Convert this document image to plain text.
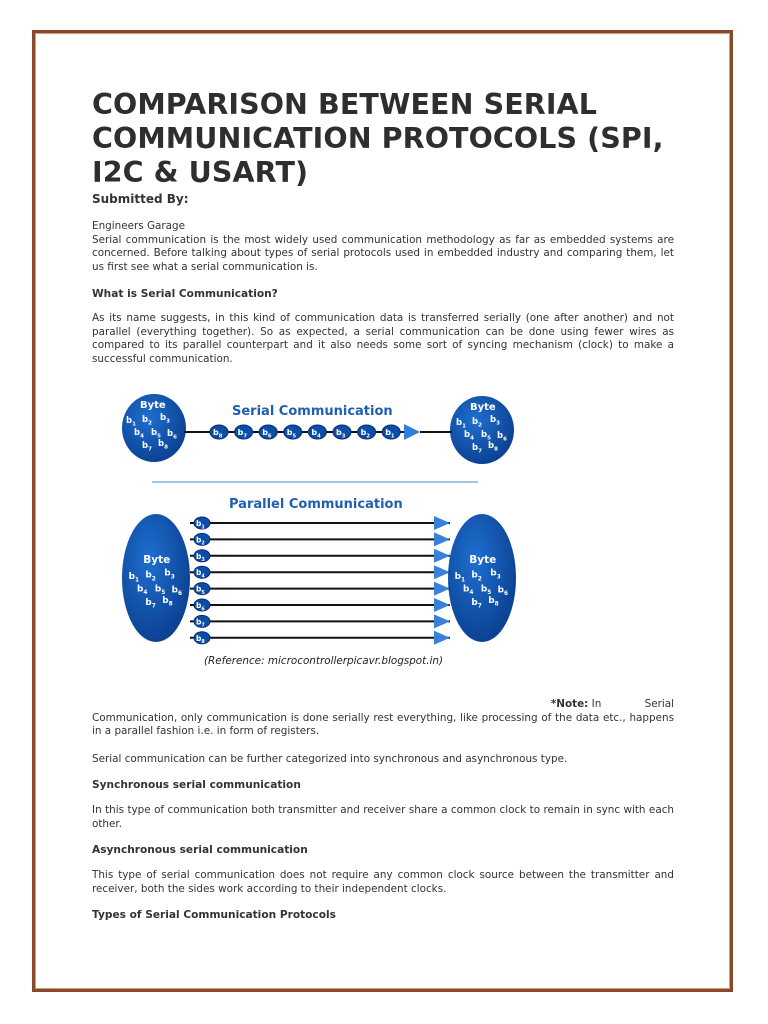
COMPARISON BETWEEN SERIAL COMMUNICATION PROTOCOLS (SPI, I2C & USART)
Submitted By:

Engineers Garage

Serial communication is the most widely used communication methodology as far as embedded systems are concerned. Before talking about types of serial protocols used in embedded industry and comparing them, let us first see what a serial communication is.

What is Serial Communication?

As its name suggests, in this kind of communication data is transferred serially (one after another) and not parallel (everything together). So as expected, a serial communication can be done using fewer wires as compared to its parallel counterpart and it also needs some sort of syncing mechanism (clock) to make a successful communication.

Serial Communication
$b_8$ $b_7$ $b_6$ $b_5$ $b_4$ $b_3$ $b_2$ $b_1$
Byte
$b_1$ $b_2$
$b_3$
$b_4$ $b_5$ $b_6$
$b_7$
$b_8$
Byte
$b_1$ $b_2$
$b_3$
$b_4$ $b_5$ $b_6$
$b_7$
$b_8$
Parallel Communication
$b_1$
$b_2$
$b_3$
$b_4$
$b_5$
$b_6$
$b_7$
$b_8$
Byte
$b_1$ $b_2$
$b_3$
$b_4$ $b_5$ $b_6$
$b_7$
$b_8$
Byte
$b_1$ $b_2$
$b_3$
$b_4$ $b_5$ $b_6$
$b_7$
$b_8$
(Reference: microcontrollerpicavr.blogspot.in)
*Note: In Serial

Communication, only communication is done serially rest everything, like processing of the data etc., happens in a parallel fashion i.e. in form of registers.

Serial communication can be further categorized into synchronous and asynchronous type.

Synchronous serial communication

In this type of communication both transmitter and receiver share a common clock to remain in sync with each other.

Asynchronous serial communication

This type of serial communication does not require any common clock source between the transmitter and receiver, both the sides work according to their independent clocks.

Types of Serial Communication Protocols
